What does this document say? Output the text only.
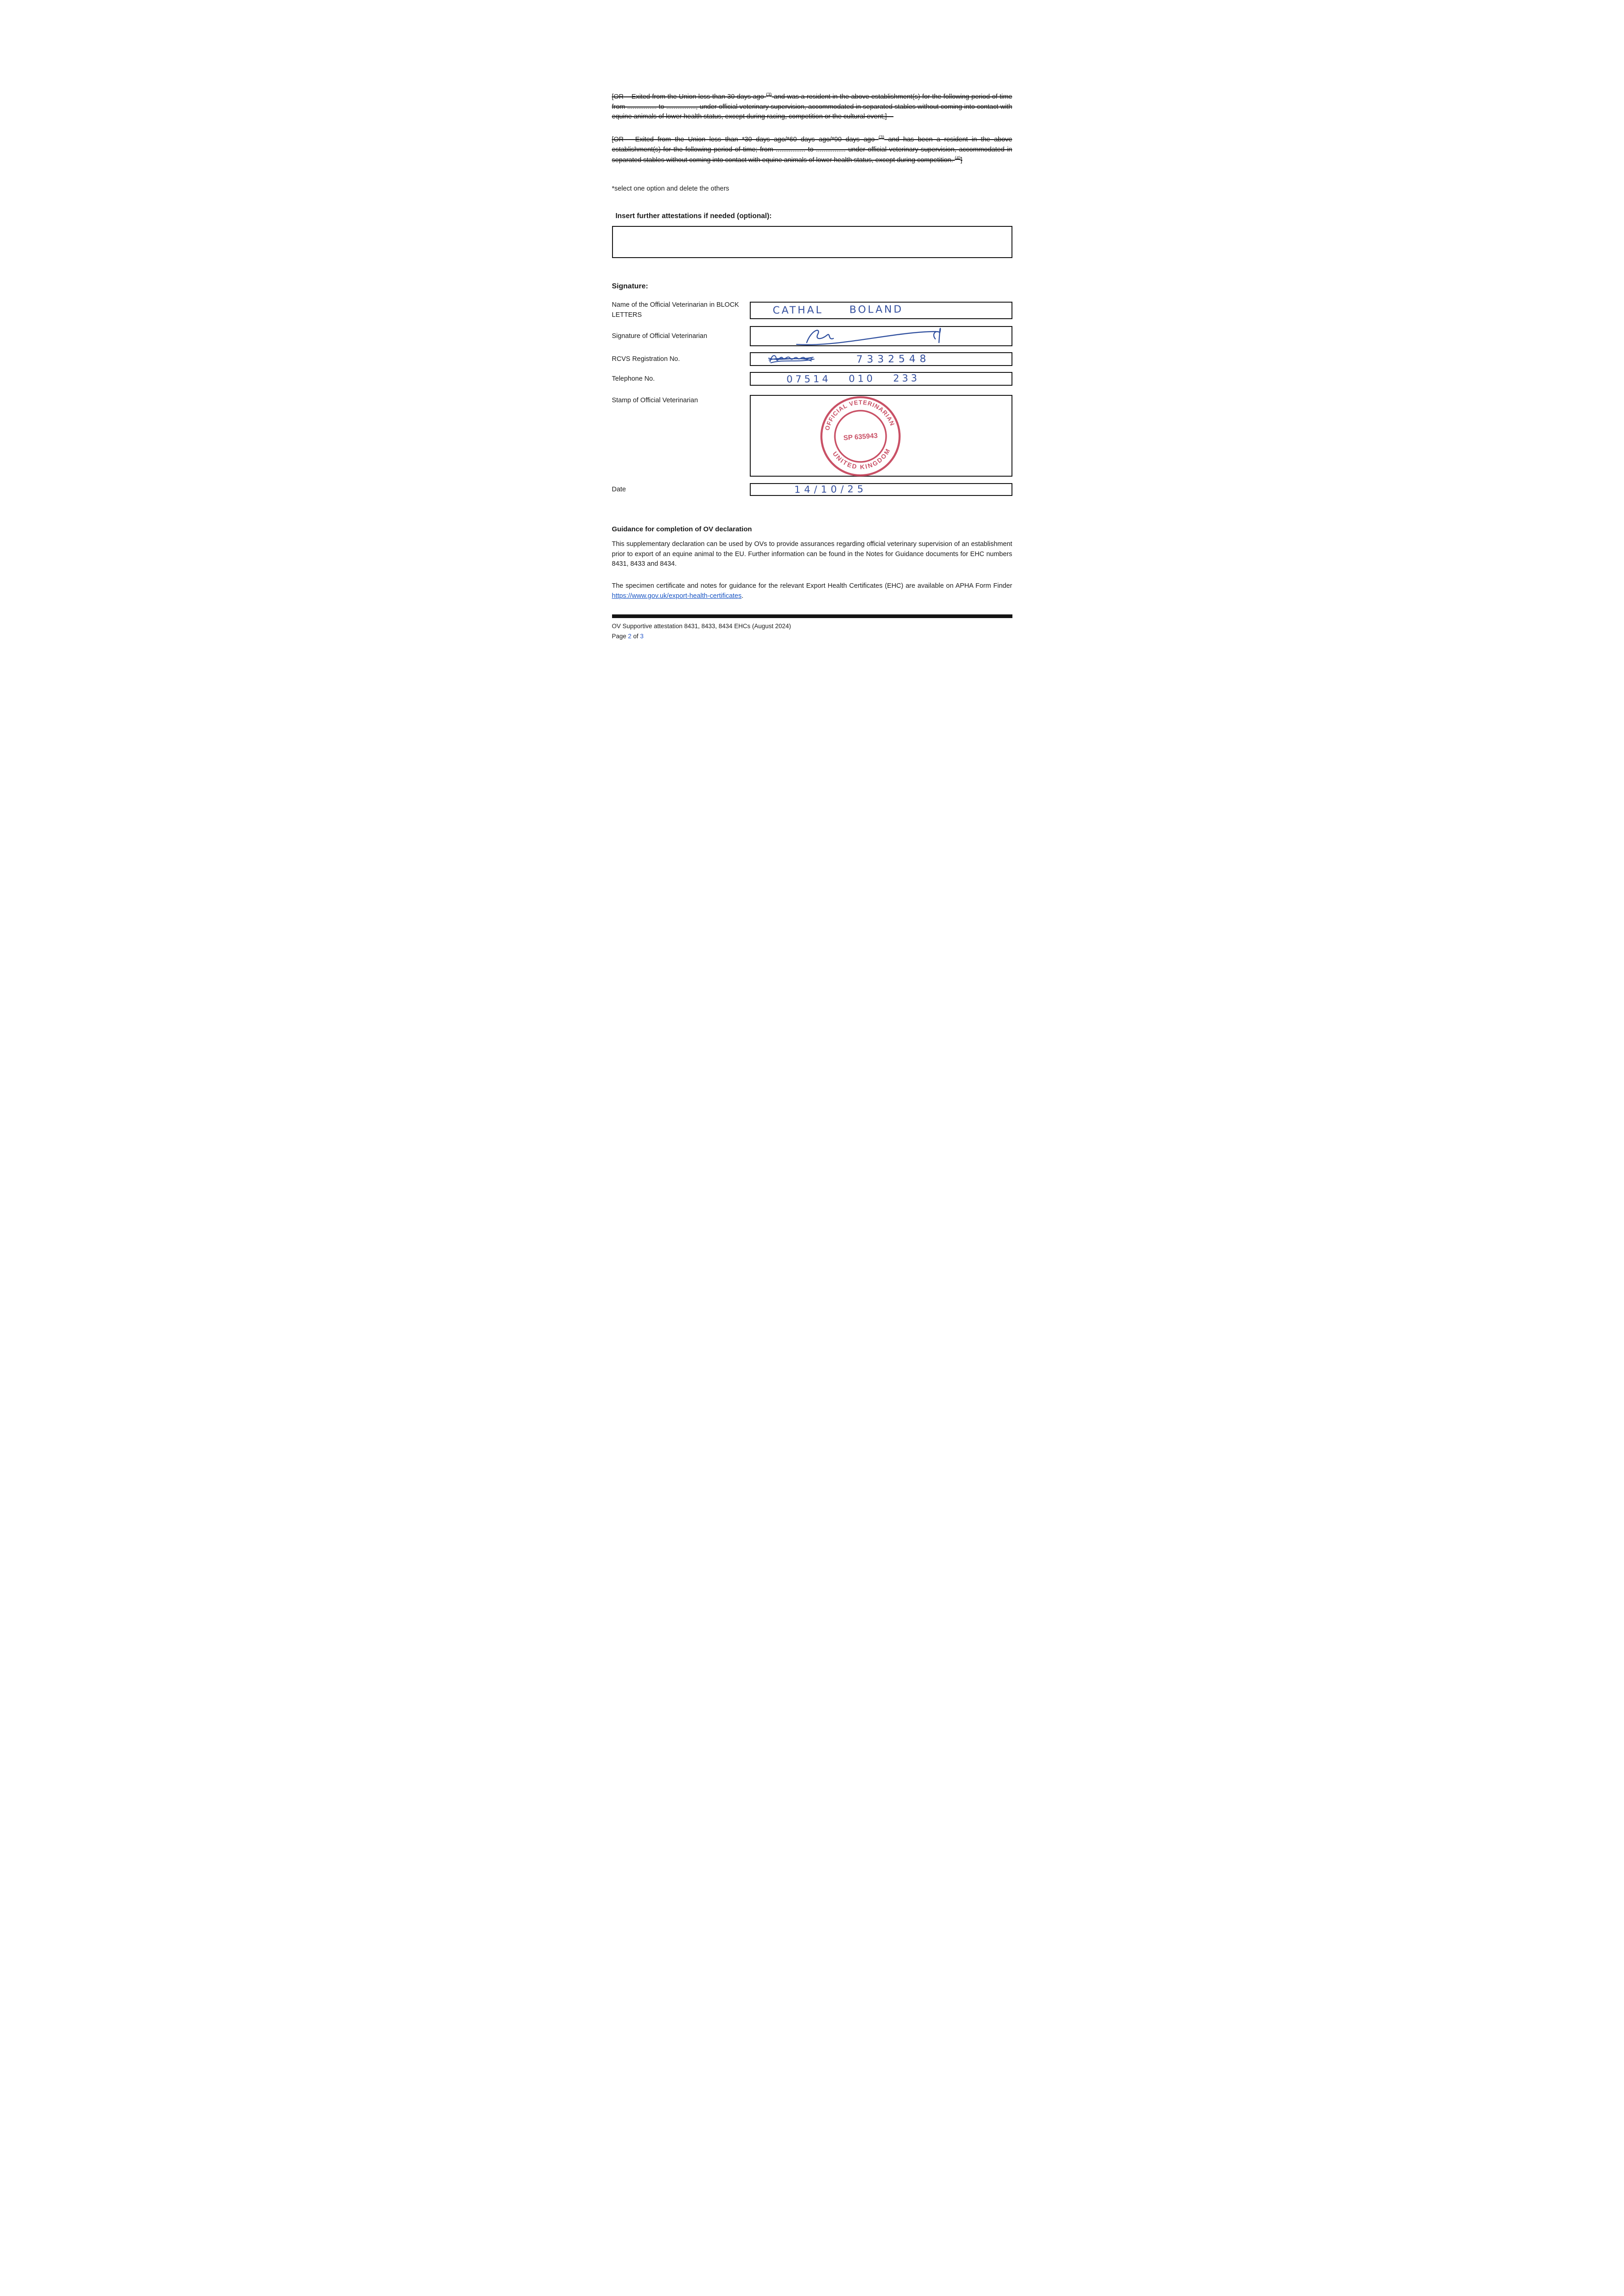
[OR – Exited from the Union less than 30 days ago $^{(3)}$ and was a resident in the above establishment(s) for the following period of time from ................ to ................, under official veterinary supervision, accommodated in separated stables without coming into contact with equine animals of lower health status, except during racing, competition or the cultural event;]—

[OR – Exited from the Union less than *30 days ago/*60 days ago/*90 days ago $^{(3)}$ and has been a resident in the above establishment(s) for the following period of time; from ................ to ................ under official veterinary supervision, accommodated in separated stables without coming into contact with equine animals of lower health status, except during competition. $^{(4)}$]

*select one option and delete the others

Insert further attestations if needed (optional):
Signature:
Name of the Official Veterinarian in BLOCK LETTERS	CATHAL BOLAND
Signature of Official Veterinarian
RCVS Registration No.	7332548
Telephone No.	07514 010 233
Stamp of Official Veterinarian
OFFICIAL VETERINARIAN
UNITED KINGDOM
SP 635943
Date	14/10/25
Guidance for completion of OV declaration

This supplementary declaration can be used by OVs to provide assurances regarding official veterinary supervision of an establishment prior to export of an equine animal to the EU. Further information can be found in the Notes for Guidance documents for EHC numbers 8431, 8433 and 8434.

The specimen certificate and notes for guidance for the relevant Export Health Certificates (EHC) are available on APHA Form Finder https://www.gov.uk/export-health-certificates.

OV Supportive attestation 8431, 8433, 8434 EHCs (August 2024)
Page 2 of 3
